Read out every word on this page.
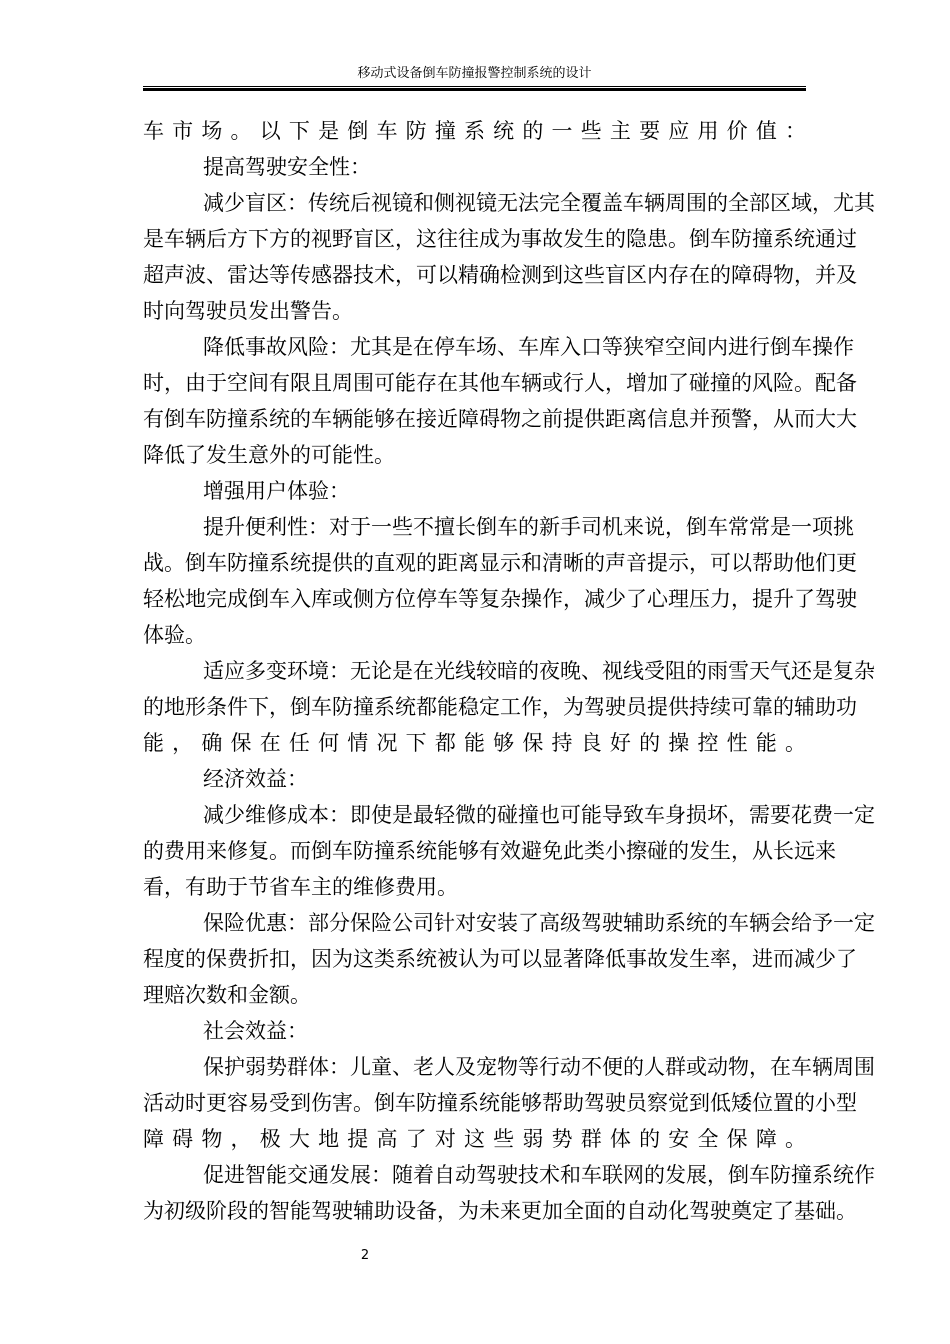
移动式设备倒车防撞报警控制系统的设计
车市场。以下是倒车防撞系统的一些主要应用价值：
提高驾驶安全性：
减少盲区：传统后视镜和侧视镜无法完全覆盖车辆周围的全部区域，尤其
是车辆后方下方的视野盲区，这往往成为事故发生的隐患。倒车防撞系统通过
超声波、雷达等传感器技术，可以精确检测到这些盲区内存在的障碍物，并及
时向驾驶员发出警告。
降低事故风险：尤其是在停车场、车库入口等狭窄空间内进行倒车操作
时，由于空间有限且周围可能存在其他车辆或行人，增加了碰撞的风险。配备
有倒车防撞系统的车辆能够在接近障碍物之前提供距离信息并预警，从而大大
降低了发生意外的可能性。
增强用户体验：
提升便利性：对于一些不擅长倒车的新手司机来说，倒车常常是一项挑
战。倒车防撞系统提供的直观的距离显示和清晰的声音提示，可以帮助他们更
轻松地完成倒车入库或侧方位停车等复杂操作，减少了心理压力，提升了驾驶
体验。
适应多变环境：无论是在光线较暗的夜晚、视线受阻的雨雪天气还是复杂
的地形条件下，倒车防撞系统都能稳定工作，为驾驶员提供持续可靠的辅助功
能，确保在任何情况下都能够保持良好的操控性能。
经济效益：
减少维修成本：即使是最轻微的碰撞也可能导致车身损坏，需要花费一定
的费用来修复。而倒车防撞系统能够有效避免此类小擦碰的发生，从长远来
看，有助于节省车主的维修费用。
保险优惠：部分保险公司针对安装了高级驾驶辅助系统的车辆会给予一定
程度的保费折扣，因为这类系统被认为可以显著降低事故发生率，进而减少了
理赔次数和金额。
社会效益：
保护弱势群体：儿童、老人及宠物等行动不便的人群或动物，在车辆周围
活动时更容易受到伤害。倒车防撞系统能够帮助驾驶员察觉到低矮位置的小型
障碍物，极大地提高了对这些弱势群体的安全保障。
促进智能交通发展：随着自动驾驶技术和车联网的发展，倒车防撞系统作
为初级阶段的智能驾驶辅助设备，为未来更加全面的自动化驾驶奠定了基础。
2
